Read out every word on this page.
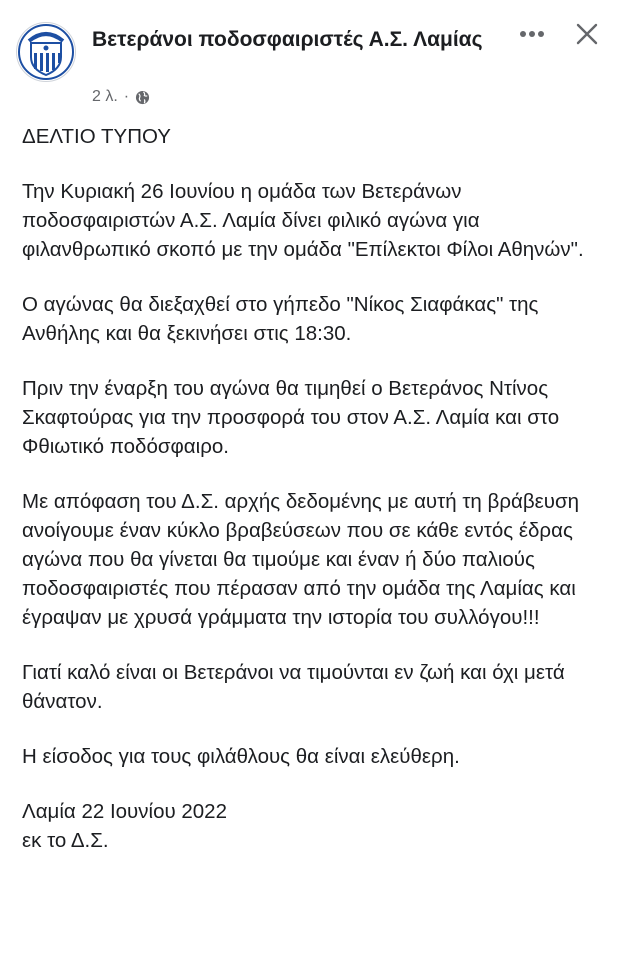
Βετεράνοι ποδοσφαιριστές Α.Σ. Λαμίας
2 λ. ·

ΔΕΛΤΙΟ ΤΥΠΟΥ

Την Κυριακή 26 Ιουνίου η ομάδα των Βετεράνων ποδοσφαιριστών Α.Σ. Λαμία δίνει φιλικό αγώνα για φιλανθρωπικό σκοπό με την ομάδα "Επίλεκτοι Φίλοι Αθηνών".

Ο αγώνας θα διεξαχθεί στο γήπεδο "Νίκος Σιαφάκας" της Ανθήλης και θα ξεκινήσει στις 18:30.

Πριν την έναρξη του αγώνα θα τιμηθεί ο Βετεράνος Ντίνος Σκαφτούρας για την προσφορά του στον Α.Σ. Λαμία και στο Φθιωτικό ποδόσφαιρο.

Με απόφαση του Δ.Σ. αρχής δεδομένης με αυτή τη βράβευση ανοίγουμε έναν κύκλο βραβεύσεων που σε κάθε εντός έδρας αγώνα που θα γίνεται θα τιμούμε και έναν ή δύο παλιούς ποδοσφαιριστές που πέρασαν από την ομάδα της Λαμίας και έγραψαν με χρυσά γράμματα την ιστορία του συλλόγου!!!

Γιατί καλό είναι οι Βετεράνοι να τιμούνται εν ζωή και όχι μετά θάνατον.

Η είσοδος για τους φιλάθλους θα είναι ελεύθερη.

Λαμία 22 Ιουνίου 2022

εκ το Δ.Σ.
